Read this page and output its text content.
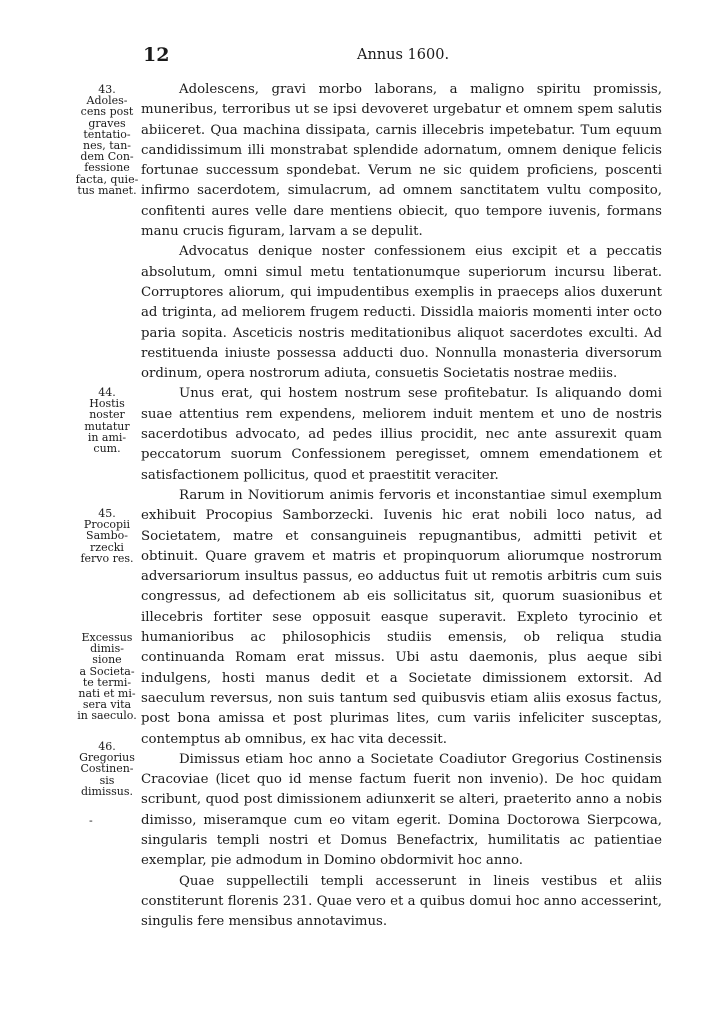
12	Annus 1600.
43.
Adoles-
cens post
graves
tentatio-
nes, tan-
dem Con-
fessione
facta, quie-
tus manet.
44.
Hostis
noster
mutatur
in ami-
cum.
45.
Procopii
Sambo-
rzecki
fervo res.
Excessus
dimis-
sione
a Societa-
te termi-
nati et mi-
sera vita
in saeculo.
46.
Gregorius
Costinen-
sis
dimissus.
-

Adolescens, gravi morbo laborans, a maligno spiritu promissis, muneribus, terroribus ut se ipsi devoveret urgebatur et omnem spem salutis abiiceret. Qua machina dissipata, carnis illecebris impetebatur. Tum equum candidissimum illi monstrabat splendide adornatum, omnem denique felicis fortunae successum spondebat. Verum ne sic quidem proficiens, poscenti infirmo sacerdotem, simulacrum, ad omnem sanctitatem vultu composito, confitenti aures velle dare mentiens obiecit, quo tempore iuvenis, formans manu crucis figuram, larvam a se depulit.

Advocatus denique noster confessionem eius excipit et a peccatis absolutum, omni simul metu tentationumque superiorum incursu liberat. Corruptores aliorum, qui impudentibus exemplis in praeceps alios duxerunt ad triginta, ad meliorem frugem reducti. Dissidla maioris momenti inter octo paria sopita. Asceticis nostris meditationibus aliquot sacerdotes exculti. Ad restituenda iniuste possessa adducti duo. Nonnulla monasteria diversorum ordinum, opera nostrorum adiuta, consuetis Societatis nostrae mediis.

Unus erat, qui hostem nostrum sese profitebatur. Is aliquando domi suae attentius rem expendens, meliorem induit mentem et uno de nostris sacerdotibus advocato, ad pedes illius procidit, nec ante assurexit quam peccatorum suorum Confessionem peregisset, omnem emendationem et satisfactionem pollicitus, quod et praestitit veraciter.

Rarum in Novitiorum animis fervoris et inconstantiae simul exemplum exhibuit Procopius Samborzecki. Iuvenis hic erat nobili loco natus, ad Societatem, matre et consanguineis repugnantibus, admitti petivit et obtinuit. Quare gravem et matris et propinquorum aliorumque nostrorum adversariorum insultus passus, eo adductus fuit ut remotis arbitris cum suis congressus, ad defectionem ab eis sollicitatus sit, quorum suasionibus et illecebris fortiter sese opposuit easque superavit. Expleto tyrocinio et humanioribus ac philosophicis studiis emensis, ob reliqua studia continuanda Romam erat missus. Ubi astu daemonis, plus aeque sibi indulgens, hosti manus dedit et a Societate dimissionem extorsit. Ad saeculum reversus, non suis tantum sed quibusvis etiam aliis exosus factus, post bona amissa et post plurimas lites, cum variis infeliciter susceptas, contemptus ab omnibus, ex hac vita decessit.

Dimissus etiam hoc anno a Societate Coadiutor Gregorius Costinensis Cracoviae (licet quo id mense factum fuerit non invenio). De hoc quidam scribunt, quod post dimissionem adiunxerit se alteri, praeterito anno a nobis dimisso, miseramque cum eo vitam egerit. Domina Doctorowa Sierpcowa, singularis templi nostri et Domus Benefactrix, humilitatis ac patientiae exemplar, pie admodum in Domino obdormivit hoc anno.

Quae suppellectili templi accesserunt in lineis vestibus et aliis constiterunt florenis 231. Quae vero et a quibus domui hoc anno accesserint, singulis fere mensibus annotavimus.
